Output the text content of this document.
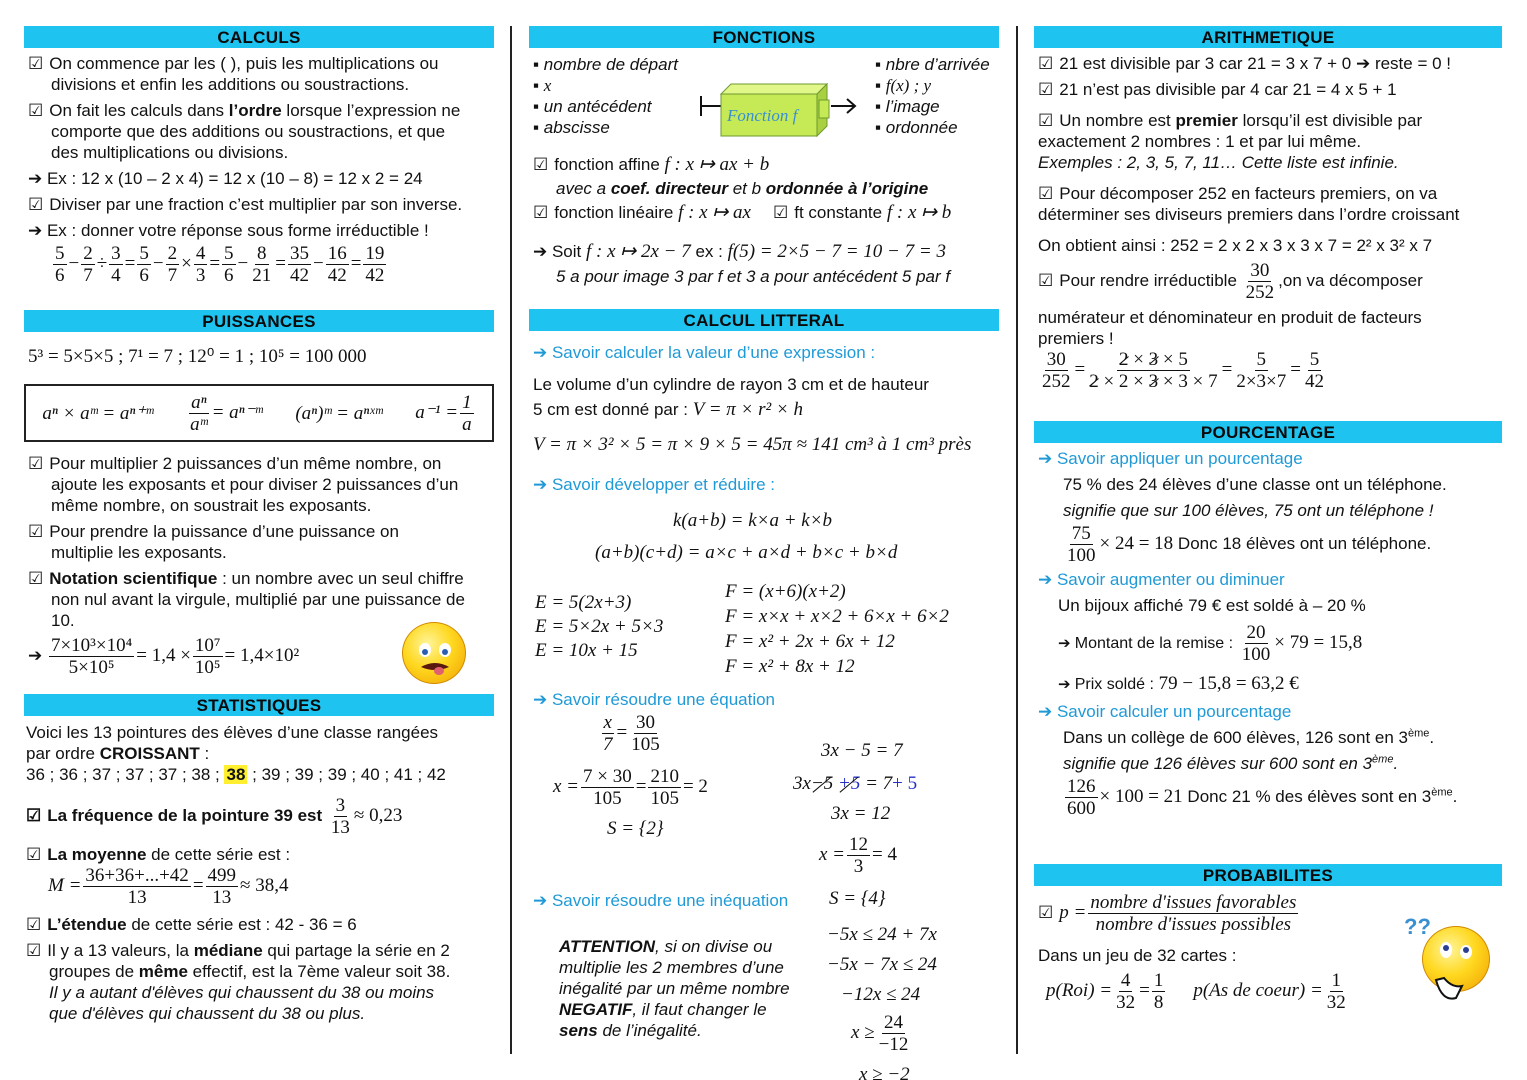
CALCULS
☑ On commence par les ( ), puis les multiplications ou
divisions et enfin les additions ou soustractions.
☑ On fait les calculs dans l’ordre lorsque l’expression ne
comporte que des additions ou soustractions, et que
des multiplications ou divisions.
➔ Ex : 12 x (10 – 2 x 4) = 12 x (10 – 8) = 12 x 2 = 24
☑ Diviser par une fraction c’est multiplier par son inverse.
➔ Ex : donner votre réponse sous forme irréductible !
$\frac{5}{6} - \frac{2}{7} \div \frac{3}{4} = \frac{5}{6} - \frac{2}{7} \times \frac{4}{3} = \frac{5}{6} - \frac{8}{21} = \frac{35}{42} - \frac{16}{42} = \frac{19}{42}$
PUISSANCES
5³ = 5×5×5 ; 7¹ = 7 ; 12⁰ = 1 ; 10⁵ = 100 000
aⁿ × aᵐ = aⁿ⁺ᵐ $\frac{\text{aⁿ}}{\text{aᵐ}}$ = aⁿ⁻ᵐ (aⁿ)ᵐ = aⁿˣᵐ $a^{-1} = \frac{1}{a}$
☑ Pour multiplier 2 puissances d’un même nombre, on
ajoute les exposants et pour diviser 2 puissances d’un
même nombre, on soustrait les exposants.
☑ Pour prendre la puissance d’une puissance on
multiplie les exposants.
☑ Notation scientifique : un nombre avec un seul chiffre
non nul avant la virgule, multiplié par une puissance de
10.
➔ $\frac{\text{7×10³×10⁴}}{\text{5×10⁵}} = 1,4 \times \frac{\text{10⁷}}{\text{10⁵}} = 1,4\times 10^2$
STATISTIQUES
Voici les 13 pointures des élèves d’une classe rangées
par ordre CROISSANT :
36 ; 36 ; 37 ; 37 ; 37 ; 38 ; 38 ; 39 ; 39 ; 39 ; 40 ; 41 ; 42
☑ La fréquence de la pointure 39 est $\frac{3}{13} \approx 0,23$
☑ La moyenne de cette série est :
$M = \frac{36+36+...+42}{13} = \frac{499}{13} \approx 38,4$
☑ L’étendue de cette série est : 42 - 36 = 6
☑ Il y a 13 valeurs, la médiane qui partage la série en 2
groupes de même effectif, est la 7ème valeur soit 38.
Il y a autant d'élèves qui chaussent du 38 ou moins
que d'élèves qui chaussent du 38 ou plus.
FONCTIONS
▪ nombre de départ
▪ x
▪ un antécédent
▪ abscisse
Fonction f
▪ nbre d’arrivée
▪ f(x) ; y
▪ l’image
▪ ordonnée
☑ fonction affine f : x ↦ ax + b
avec a coef. directeur et b ordonnée à l’origine
☑ fonction linéaire f : x ↦ ax	☑ ft constante f : x ↦ b
➔ Soit f : x ↦ 2x − 7 ex : f(5) = 2×5 − 7 = 10 − 7 = 3
5 a pour image 3 par f et 3 a pour antécédent 5 par f
CALCUL LITTERAL
➔ Savoir calculer la valeur d’une expression :
Le volume d’un cylindre de rayon 3 cm et de hauteur
5 cm est donné par : V = π × r² × h
V = π × 3² × 5 = π × 9 × 5 = 45π ≈ 141 cm³ à 1 cm³ près
➔ Savoir développer et réduire :
k(a+b) = k×a + k×b
(a+b)(c+d) = a×c + a×d + b×c + b×d
E = 5(2x+3)
E = 5×2x + 5×3
E = 10x + 15
F = (x+6)(x+2)
F = x×x + x×2 + 6×x + 6×2
F = x² + 2x + 6x + 12
F = x² + 8x + 12
➔ Savoir résoudre une équation
$\frac{x}{7} = \frac{30}{105}$
$x = \frac{7 \times 30}{105} = \frac{210}{105} = 2$
S = {2}
3x − 5 = 7
3x−5 +5 = 7+ 5
3x = 12
$x = \frac{12}{3} = 4$
S = {4}
➔ Savoir résoudre une inéquation
−5x ≤ 24 + 7x
−5x − 7x ≤ 24
−12x ≤ 24
$x \ge \frac{24}{-12}$
x ≥ −2
ATTENTION, si on divise ou
multiplie les 2 membres d’une
inégalité par un même nombre
NEGATIF, il faut changer le
sens de l’inégalité.
ARITHMETIQUE
☑ 21 est divisible par 3 car 21 = 3 x 7 + 0 ➔ reste = 0 !
☑ 21 n’est pas divisible par 4 car 21 = 4 x 5 + 1
☑ Un nombre est premier lorsqu’il est divisible par
exactement 2 nombres : 1 et par lui même.
Exemples : 2, 3, 5, 7, 11… Cette liste est infinie.
☑ Pour décomposer 252 en facteurs premiers, on va
déterminer ses diviseurs premiers dans l’ordre croissant
On obtient ainsi : 252 = 2 x 2 x 3 x 3 x 7 = 2² x 3² x 7
☑ Pour rendre irréductible $\frac{30}{252} ,on$ va décomposer
numérateur et dénominateur en produit de facteurs
premiers !
$\frac{30}{252} = \frac{2 \times 3 \times 5}{2 \times 2 \times 3 \times 3 \times 7} = \frac{5}{2\times 3\times 7} = \frac{5}{42}$
POURCENTAGE
➔ Savoir appliquer un pourcentage
75 % des 24 élèves d’une classe ont un téléphone.
signifie que sur 100 élèves, 75 ont un téléphone !
$\frac{75}{100} \times 24 = 18$ Donc 18 élèves ont un téléphone.
➔ Savoir augmenter ou diminuer
Un bijoux affiché 79 € est soldé à – 20 %
➔ Montant de la remise : $\frac{20}{100} \times 79 = 15,8$
➔ Prix soldé : 79 − 15,8 = 63,2 €
➔ Savoir calculer un pourcentage
Dans un collège de 600 élèves, 126 sont en 3ème.
signifie que 126 élèves sur 600 sont en 3ème.
$\frac{126}{600} \times 100 = 21$ Donc 21 % des élèves sont en 3ème.
PROBABILITES
☑ $p = \frac{\text{nombre d'issues favorables}}{\text{nombre d'issues possibles}}$
Dans un jeu de 32 cartes :
$p(Roi) = \frac{4}{32} = \frac{1}{8} p(As$ de coeur) = $\frac{1}{32}$
??
